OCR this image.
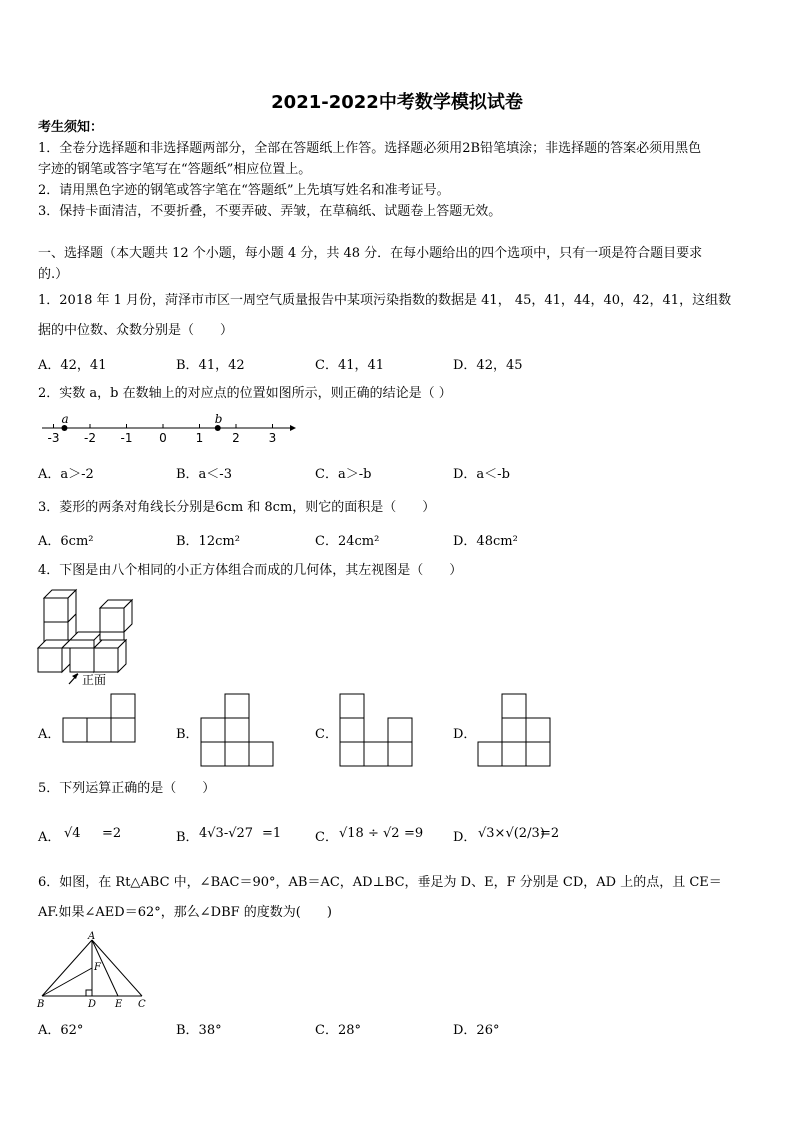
2021-2022中考数学模拟试卷
考生须知：
1．全卷分选择题和非选择题两部分，全部在答题纸上作答。选择题必须用2B铅笔填涂；非选择题的答案必须用黑色
字迹的钢笔或答字笔写在“答题纸”相应位置上。
2．请用黑色字迹的钢笔或答字笔在“答题纸”上先填写姓名和准考证号。
3．保持卡面清洁，不要折叠，不要弄破、弄皱，在草稿纸、试题卷上答题无效。
一、选择题（本大题共 12 个小题，每小题 4 分，共 48 分．在每小题给出的四个选项中，只有一项是符合题目要求
的.）
1．2018 年 1 月份，菏泽市市区一周空气质量报告中某项污染指数的数据是 41， 45，41，44，40，42，41，这组数
据的中位数、众数分别是（　　）
A．42，41	B．41，42	C．41，41	D．42，45
2．实数 a，b 在数轴上的对应点的位置如图所示，则正确的结论是（ ）
-3 -2 -1 0 1 2 3
a	b
A．a＞-2	B．a＜-3	C．a＞-b	D．a＜-b
3．菱形的两条对角线长分别是6cm 和 8cm，则它的面积是（　　）
A．6cm²	B．12cm²	C．24cm²	D．48cm²
4．下图是由八个相同的小正方体组合而成的几何体，其左视图是（　　）
正面
A．	B．	C．	D．
5．下列运算正确的是（　　）
A． √4 =2	B． 4√3-√27 =1	C． √18 ÷ √2 =9 D． √3×√(2/3)
=2
6．如图，在 Rt△ABC 中，∠BAC＝90°，AB＝AC，AD⊥BC，垂足为 D、E，F 分别是 CD，AD 上的点，且 CE＝
AF.如果∠AED＝62°，那么∠DBF 的度数为(　　)
A
F
B	D E C
A．62°	B．38°	C．28°	D．26°
